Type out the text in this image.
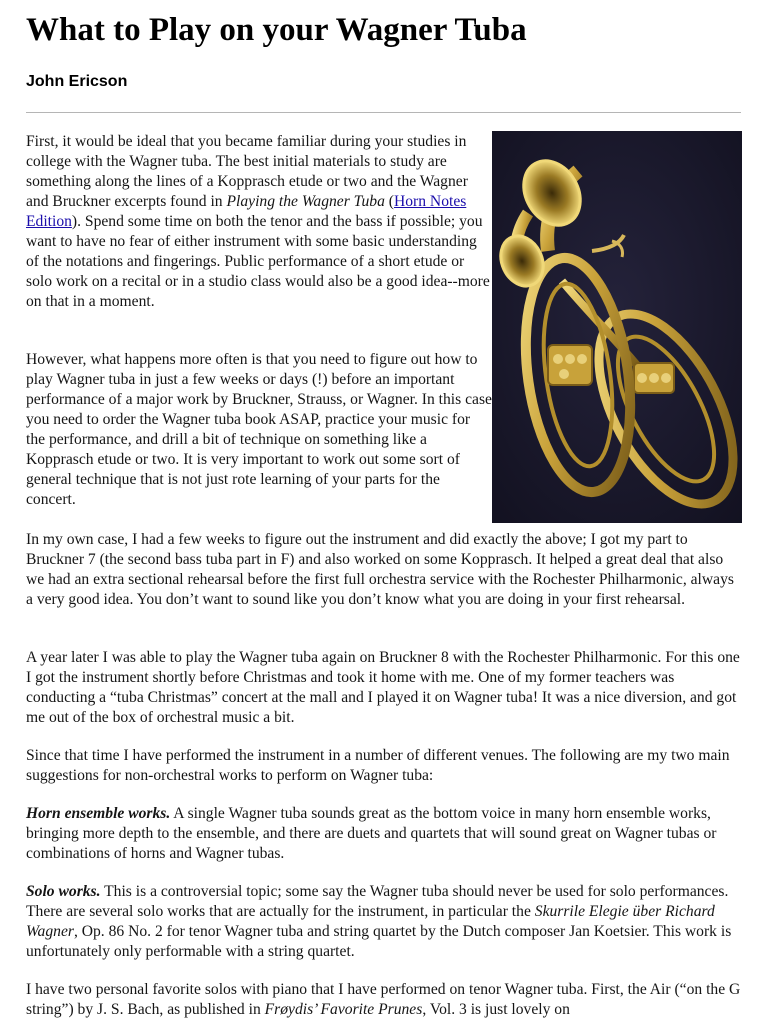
What to Play on your Wagner Tuba
John Ericson

First, it would be ideal that you became familiar during your studies in college with the Wagner tuba. The best initial materials to study are something along the lines of a Kopprasch etude or two and the Wagner and Bruckner excerpts found in Playing the Wagner Tuba (Horn Notes Edition). Spend some time on both the tenor and the bass if possible; you want to have no fear of either instrument with some basic understanding of the notations and fingerings. Public performance of a short etude or solo work on a recital or in a studio class would also be a good idea--more on that in a moment.

However, what happens more often is that you need to figure out how to play Wagner tuba in just a few weeks or days (!) before an important performance of a major work by Bruckner, Strauss, or Wagner. In this case you need to order the Wagner tuba book ASAP, practice your music for the performance, and drill a bit of technique on something like a Kopprasch etude or two. It is very important to work out some sort of general technique that is not just rote learning of your parts for the concert.

In my own case, I had a few weeks to figure out the instrument and did exactly the above; I got my part to Bruckner 7 (the second bass tuba part in F) and also worked on some Kopprasch. It helped a great deal that also we had an extra sectional rehearsal before the first full orchestra service with the Rochester Philharmonic, always a very good idea. You don’t want to sound like you don’t know what you are doing in your first rehearsal.

A year later I was able to play the Wagner tuba again on Bruckner 8 with the Rochester Philharmonic. For this one I got the instrument shortly before Christmas and took it home with me. One of my former teachers was conducting a “tuba Christmas” concert at the mall and I played it on Wagner tuba! It was a nice diversion, and got me out of the box of orchestral music a bit.

Since that time I have performed the instrument in a number of different venues. The following are my two main suggestions for non-orchestral works to perform on Wagner tuba:

Horn ensemble works. A single Wagner tuba sounds great as the bottom voice in many horn ensemble works, bringing more depth to the ensemble, and there are duets and quartets that will sound great on Wagner tubas or combinations of horns and Wagner tubas.

Solo works. This is a controversial topic; some say the Wagner tuba should never be used for solo performances. There are several solo works that are actually for the instrument, in particular the Skurrile Elegie über Richard Wagner, Op. 86 No. 2 for tenor Wagner tuba and string quartet by the Dutch composer Jan Koetsier. This work is unfortunately only performable with a string quartet.

I have two personal favorite solos with piano that I have performed on tenor Wagner tuba. First, the Air (“on the G string”) by J. S. Bach, as published in Frøydis’ Favorite Prunes, Vol. 3 is just lovely on
